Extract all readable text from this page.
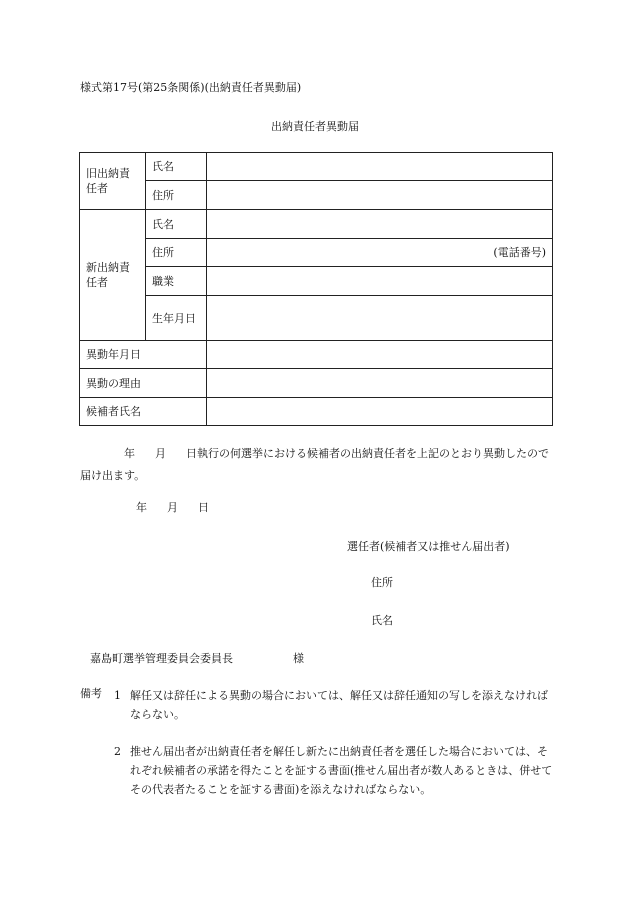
様式第17号(第25条関係)(出納責任者異動届)
出納責任者異動届
旧出納責任者	氏名	
	住所	
新出納責任者	氏名	
	住所	(電話番号)
	職業	
	生年月日	
異動年月日		
異動の理由		
候補者氏名		
年 月 日執行の何選挙における候補者の出納責任者を上記のとおり異動したので届け出ます。
年 月 日
選任者(候補者又は推せん届出者)
住所
氏名
嘉島町選挙管理委員会委員長	様
備考 1 解任又は辞任による異動の場合においては、解任又は辞任通知の写しを添えなければならない。
2 推せん届出者が出納責任者を解任し新たに出納責任者を選任した場合においては、それぞれ候補者の承諾を得たことを証する書面(推せん届出者が数人あるときは、併せてその代表者たることを証する書面)を添えなければならない。
